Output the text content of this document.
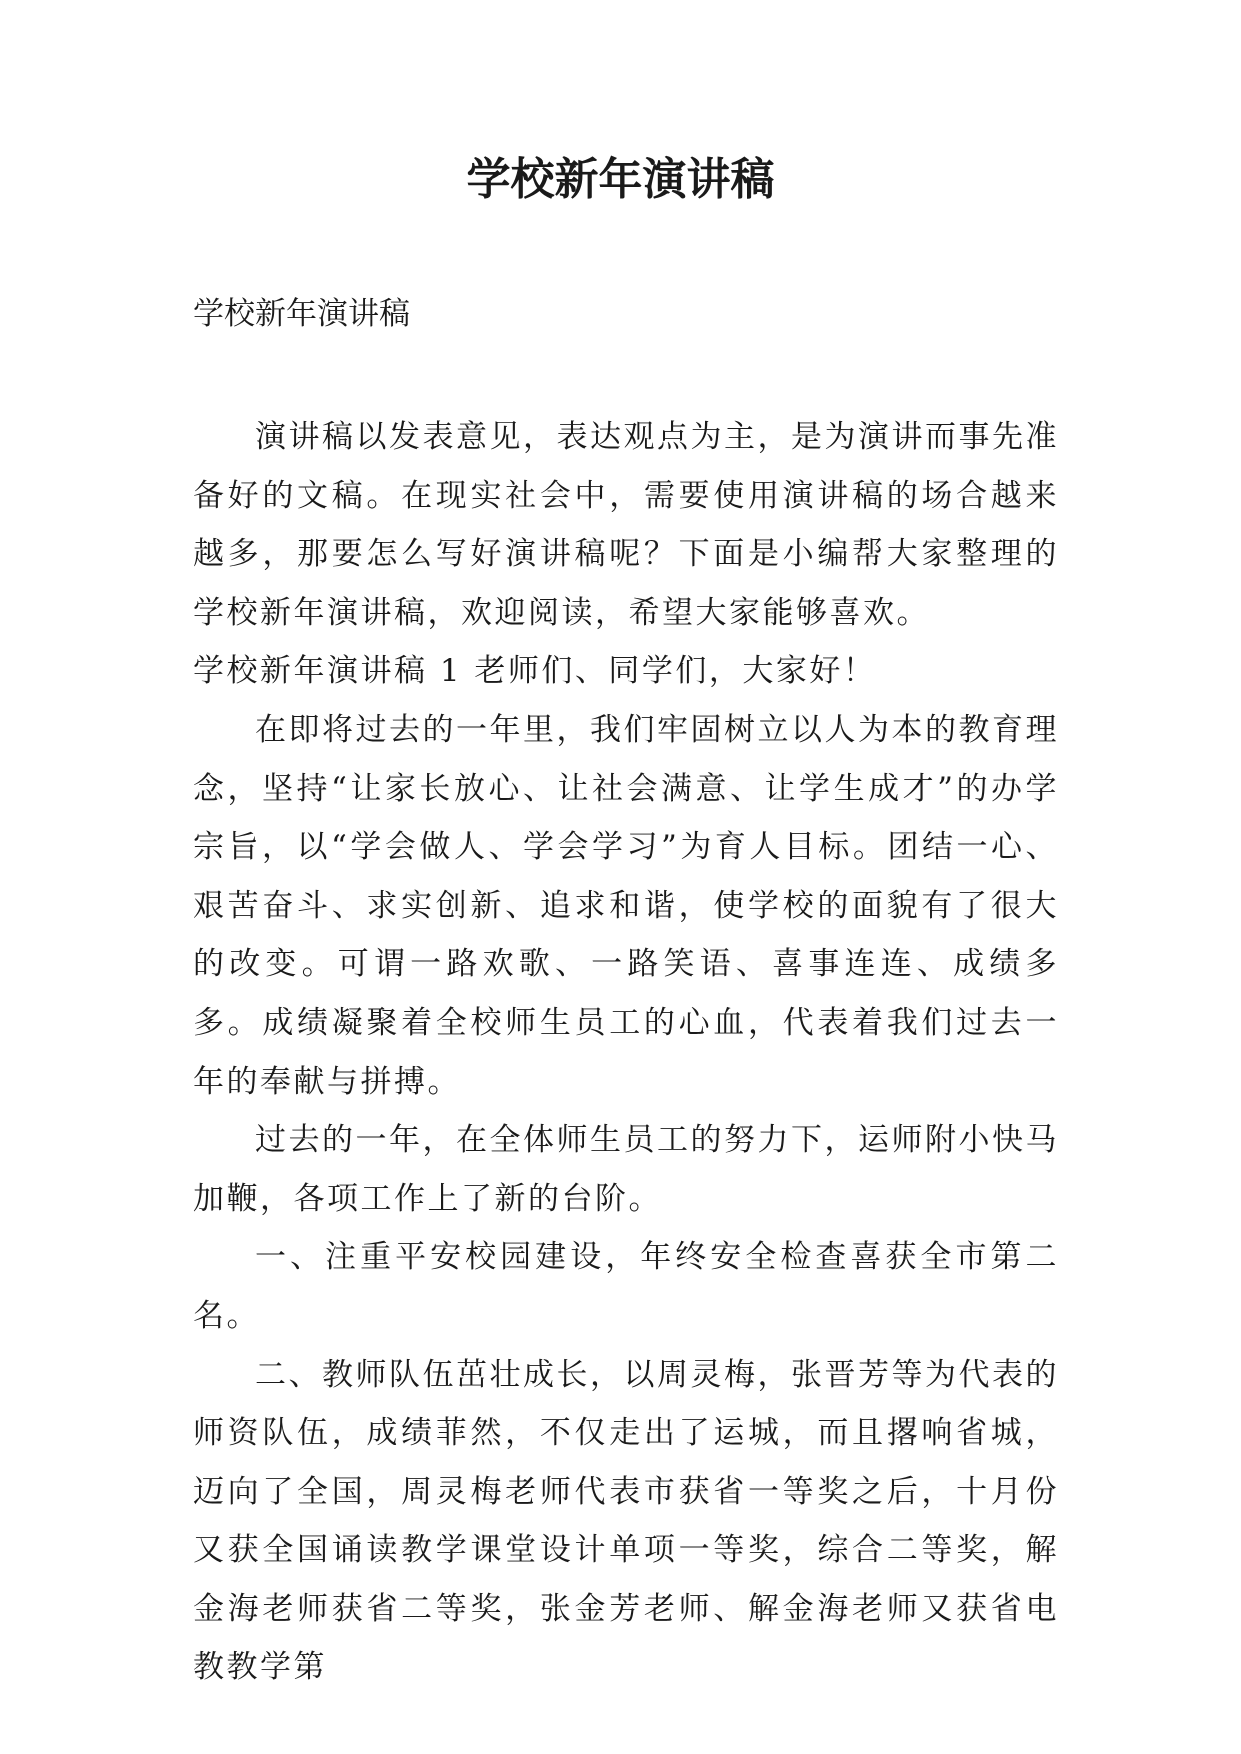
学校新年演讲稿
学校新年演讲稿

演讲稿以发表意见，表达观点为主，是为演讲而事先准备好的文稿。在现实社会中，需要使用演讲稿的场合越来越多，那要怎么写好演讲稿呢？下面是小编帮大家整理的学校新年演讲稿，欢迎阅读，希望大家能够喜欢。

学校新年演讲稿 1 老师们、同学们，大家好！

在即将过去的一年里，我们牢固树立以人为本的教育理念，坚持“让家长放心、让社会满意、让学生成才”的办学宗旨，以“学会做人、学会学习”为育人目标。团结一心、艰苦奋斗、求实创新、追求和谐，使学校的面貌有了很大的改变。可谓一路欢歌、一路笑语、喜事连连、成绩多多。成绩凝聚着全校师生员工的心血，代表着我们过去一年的奉献与拼搏。

过去的一年，在全体师生员工的努力下，运师附小快马加鞭，各项工作上了新的台阶。

一、注重平安校园建设，年终安全检查喜获全市第二名。

二、教师队伍茁壮成长，以周灵梅，张晋芳等为代表的师资队伍，成绩菲然，不仅走出了运城，而且撂响省城，迈向了全国，周灵梅老师代表市获省一等奖之后，十月份又获全国诵读教学课堂设计单项一等奖，综合二等奖，解金海老师获省二等奖，张金芳老师、解金海老师又获省电教教学第
